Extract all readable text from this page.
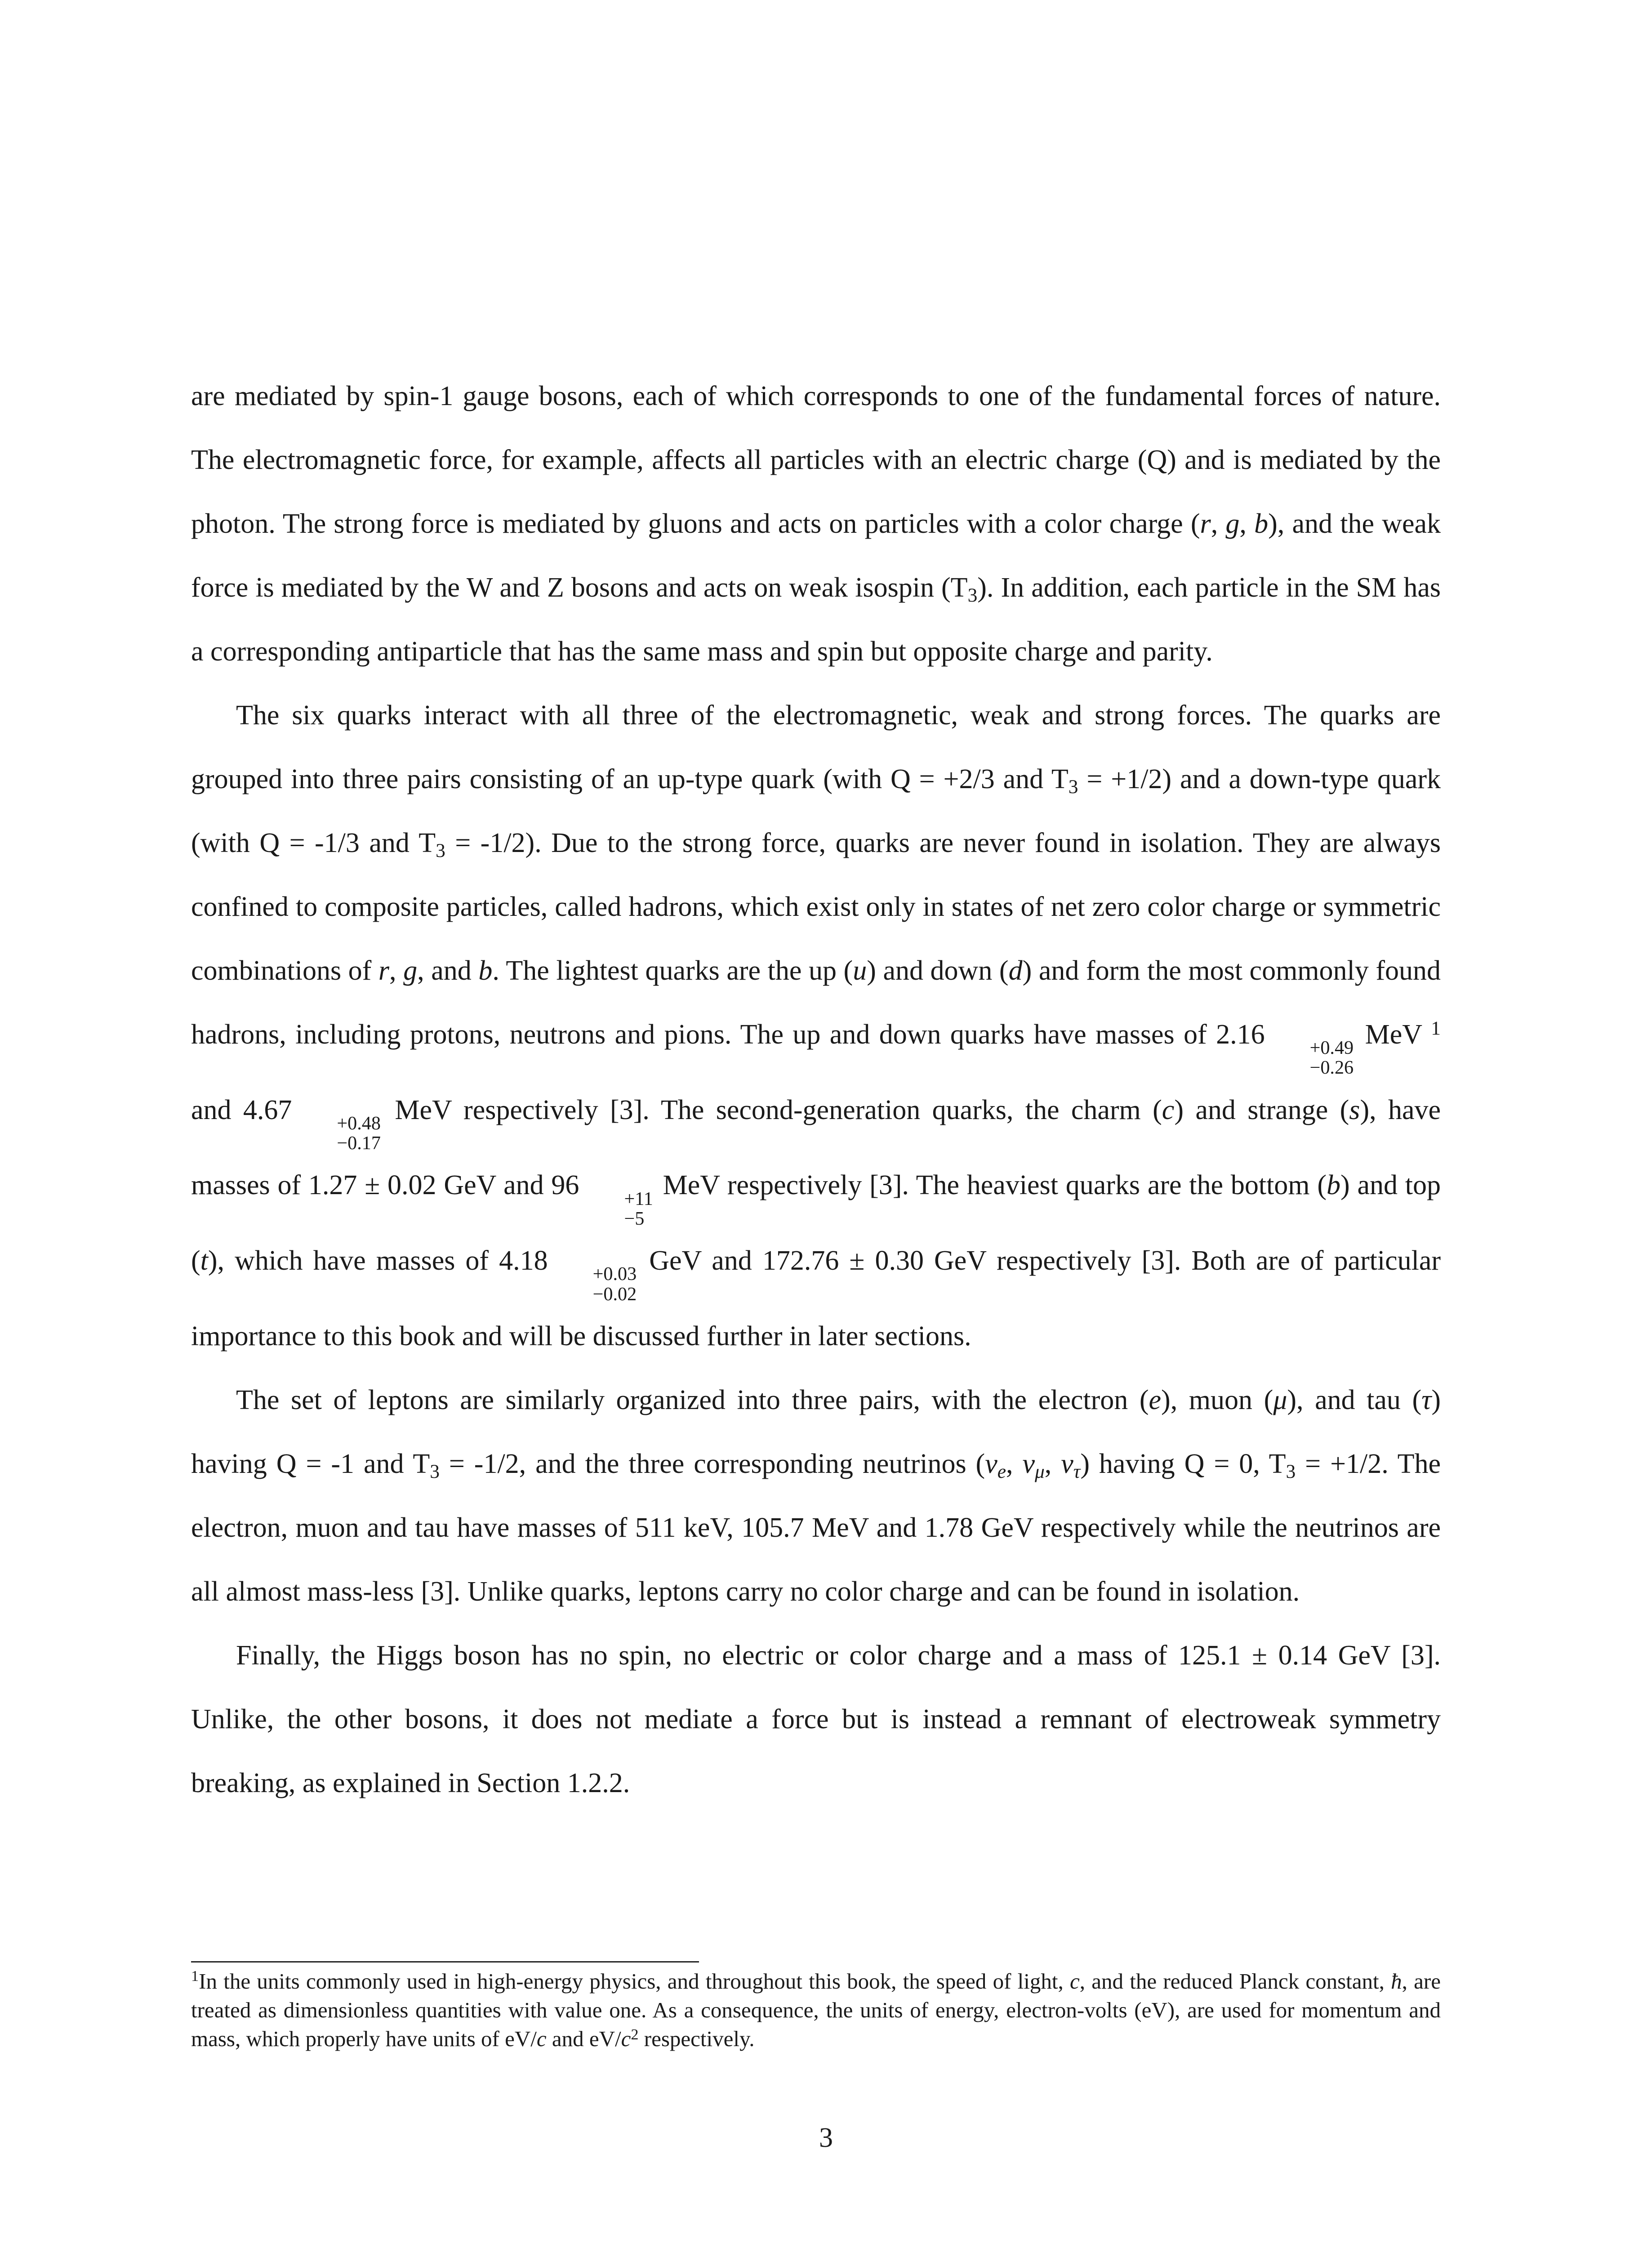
are mediated by spin-1 gauge bosons, each of which corresponds to one of the fundamental forces of nature. The electromagnetic force, for example, affects all particles with an electric charge (Q) and is mediated by the photon. The strong force is mediated by gluons and acts on particles with a color charge (r, g, b), and the weak force is mediated by the W and Z bosons and acts on weak isospin $(T_3)$. In addition, each particle in the SM has a corresponding antiparticle that has the same mass and spin but opposite charge and parity.

The six quarks interact with all three of the electromagnetic, weak and strong forces. The quarks are grouped into three pairs consisting of an up-type quark (with Q = +2/3 and $T_3 = +1/2$) and a down-type quark (with Q = -1/3 and $T_3 = -1/2$). Due to the strong force, quarks are never found in isolation. They are always confined to composite particles, called hadrons, which exist only in states of net zero color charge or symmetric combinations of r, g, and b. The lightest quarks are the up (u) and down (d) and form the most commonly found hadrons, including protons, neutrons and pions. The up and down quarks have masses of 2.16	+0.49
−0.26
MeV $^1$ and 4.67	+0.48
−0.17
MeV respectively [3]. The second-generation quarks, the charm (c) and strange (s), have masses of 1.27 ± 0.02 GeV and 96	+11
−5
MeV respectively [3]. The heaviest quarks are the bottom (b) and top (t), which have masses of 4.18	+0.03
−0.02
GeV and 172.76 ± 0.30 GeV respectively [3]. Both are of particular importance to this book and will be discussed further in later sections.

The set of leptons are similarly organized into three pairs, with the electron (e), muon (μ), and tau (τ) having Q = -1 and $T_3 = -1/2$, and the three corresponding neutrinos ($\nu_e$, $\nu_\mu$, $\nu_\tau$) having Q = 0, $T_3 = +1/2$. The electron, muon and tau have masses of 511 keV, 105.7 MeV and 1.78 GeV respectively while the neutrinos are all almost mass-less [3]. Unlike quarks, leptons carry no color charge and can be found in isolation.

Finally, the Higgs boson has no spin, no electric or color charge and a mass of 125.1 ± 0.14 GeV [3]. Unlike, the other bosons, it does not mediate a force but is instead a remnant of electroweak symmetry breaking, as explained in Section 1.2.2.

$^1$In the units commonly used in high-energy physics, and throughout this book, the speed of light, c, and the reduced Planck constant, ħ, are treated as dimensionless quantities with value one. As a consequence, the units of energy, electron-volts (eV), are used for momentum and mass, which properly have units of eV/c and $eV/c^2$ respectively.

3
